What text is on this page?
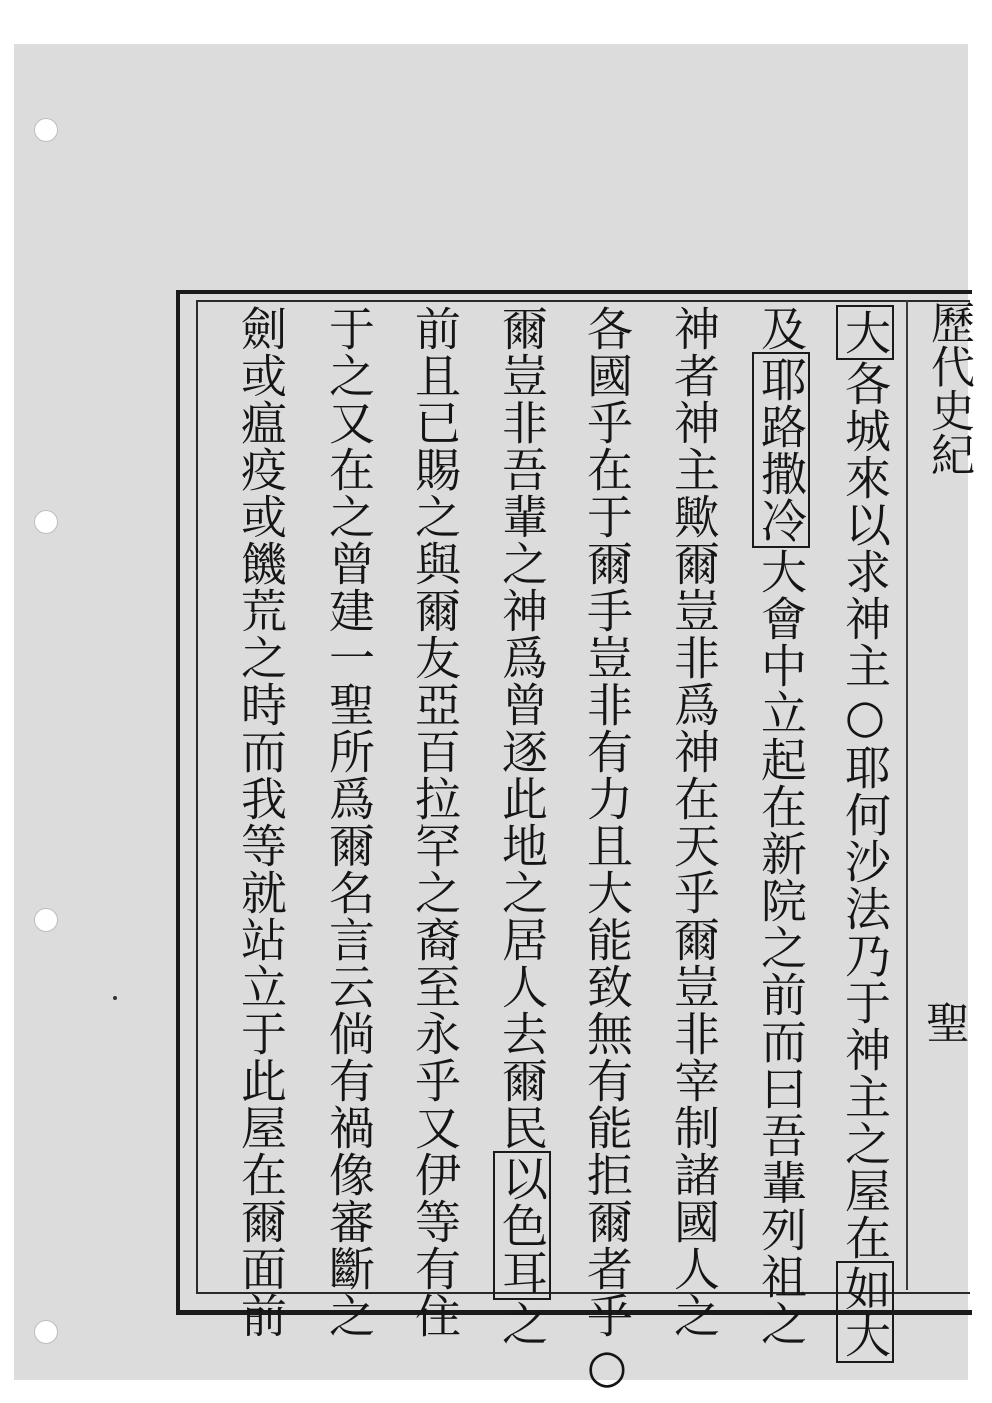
歷代史紀
聖
大各城來以求神主○耶何沙法乃于神主之屋在如大
及耶路撒冷大會中立起在新院之前而曰吾輩列祖之
神者神主歟爾豈非爲神在天乎爾豈非宰制諸國人之
各國乎在于爾手豈非有力且大能致無有能拒爾者乎○
爾豈非吾輩之神爲曾逐此地之居人去爾民以色耳之
前且已賜之與爾友亞百拉罕之裔至永乎又伊等有住
于之又在之曾建一聖所爲爾名言云倘有禍像審斷之
劍或瘟疫或饑荒之時而我等就站立于此屋在爾面前
